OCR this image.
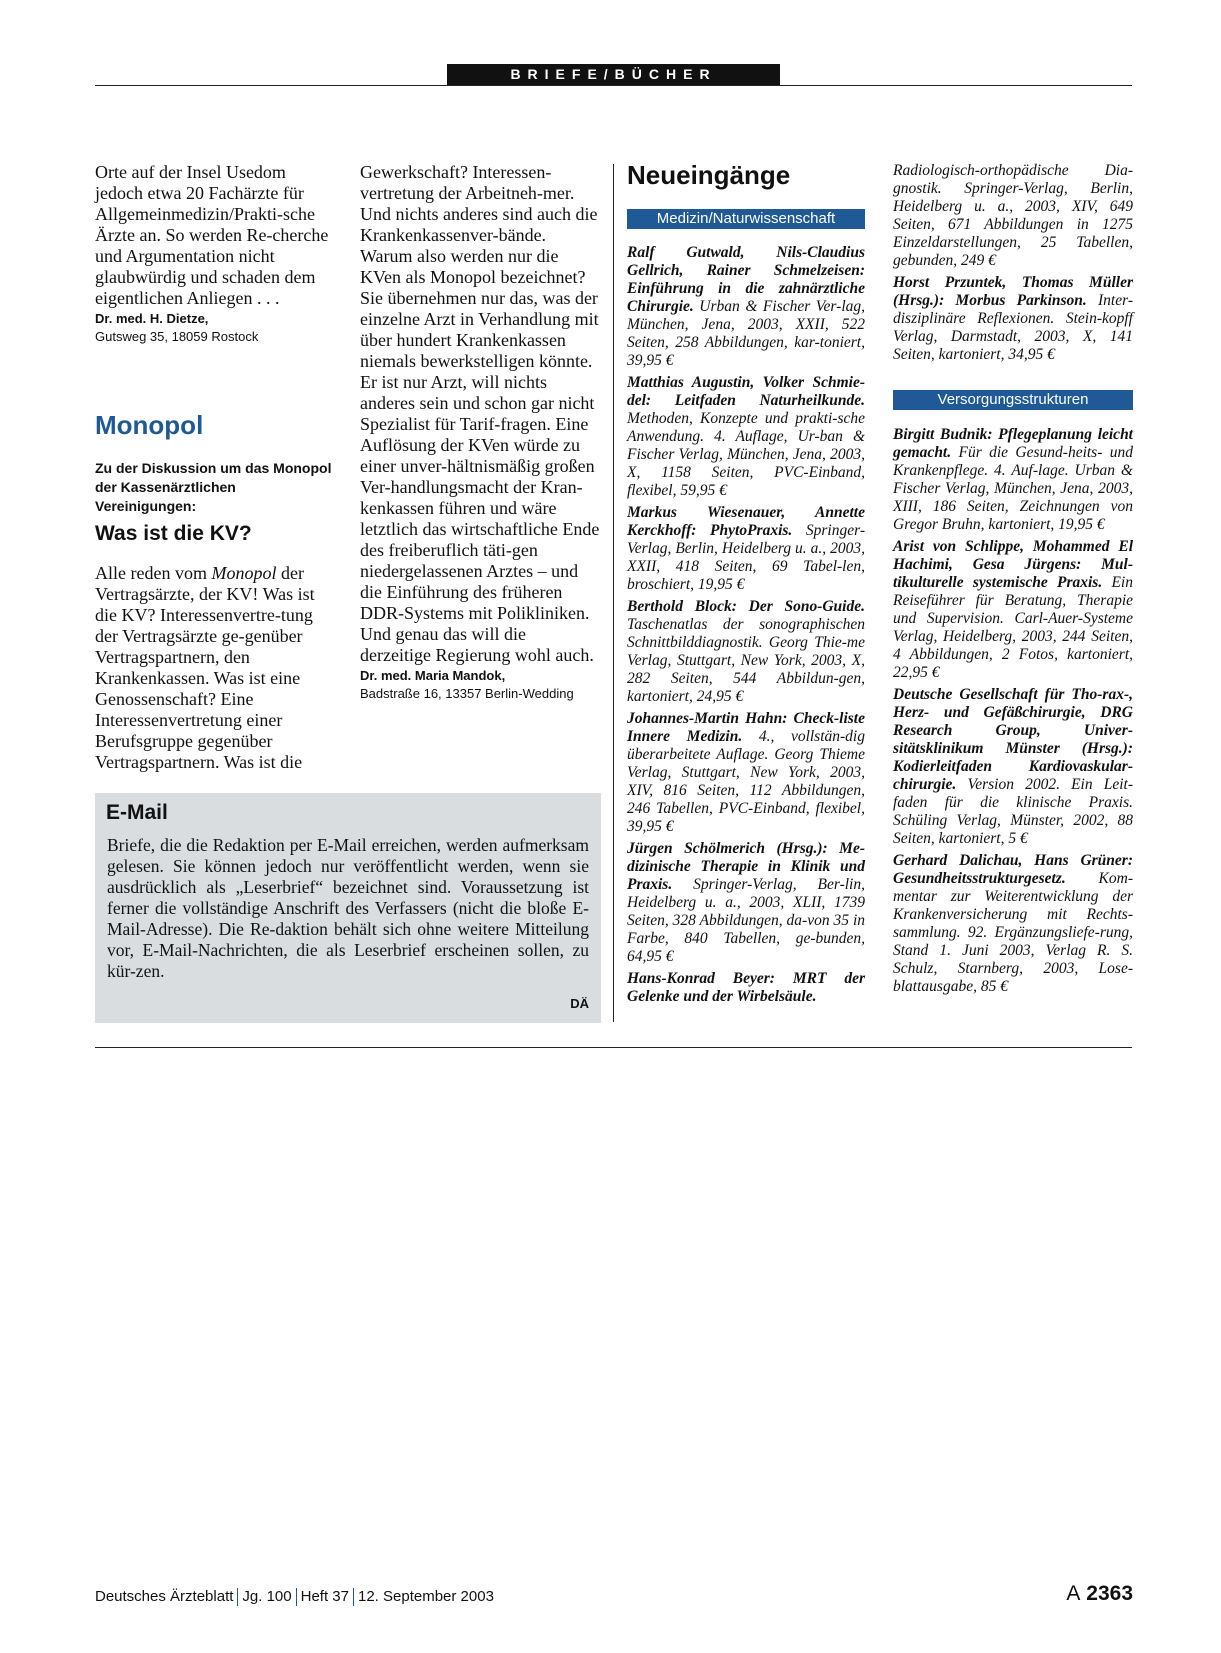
BRIEFE/BÜCHER

Orte auf der Insel Usedom jedoch etwa 20 Fachärzte für Allgemeinmedizin/Prakti-sche Ärzte an. So werden Re-cherche und Argumentation nicht glaubwürdig und schaden dem eigentlichen Anliegen . . .

Dr. med. H. Dietze,
Gutsweg 35, 18059 Rostock
Monopol
Zu der Diskussion um das Monopol der Kassenärztlichen Vereinigungen:
Was ist die KV?

Alle reden vom Monopol der Vertragsärzte, der KV! Was ist die KV? Interessenvertre-tung der Vertragsärzte ge-genüber Vertragspartnern, den Krankenkassen. Was ist eine Genossenschaft? Eine Interessenvertretung einer Berufsgruppe gegenüber Vertragspartnern. Was ist die

Gewerkschaft? Interessen-vertretung der Arbeitneh-mer. Und nichts anderes sind auch die Krankenkassenver-bände. Warum also werden nur die KVen als Monopol bezeichnet? Sie übernehmen nur das, was der einzelne Arzt in Verhandlung mit über hundert Krankenkassen niemals bewerkstelligen könnte. Er ist nur Arzt, will nichts anderes sein und schon gar nicht Spezialist für Tarif-fragen. Eine Auflösung der KVen würde zu einer unver-hältnismäßig großen Ver-handlungsmacht der Kran-kenkassen führen und wäre letztlich das wirtschaftliche Ende des freiberuflich täti-gen niedergelassenen Arztes – und die Einführung des früheren DDR-Systems mit Polikliniken. Und genau das will die derzeitige Regierung wohl auch.

Dr. med. Maria Mandok,
Badstraße 16, 13357 Berlin-Wedding
E-Mail

Briefe, die die Redaktion per E-Mail erreichen, werden aufmerksam gelesen. Sie können jedoch nur veröffentlicht werden, wenn sie ausdrücklich als „Leserbrief“ bezeichnet sind. Voraussetzung ist ferner die vollständige Anschrift des Verfassers (nicht die bloße E-Mail-Adresse). Die Re-daktion behält sich ohne weitere Mitteilung vor, E-Mail-Nachrichten, die als Leserbrief erscheinen sollen, zu kür-zen.

DÄ
Neueingänge
Medizin/Naturwissenschaft
Ralf Gutwald, Nils-Claudius Gellrich, Rainer Schmelzeisen: Einführung in die zahnärztliche Chirurgie. Urban & Fischer Ver-lag, München, Jena, 2003, XXII, 522 Seiten, 258 Abbildungen, kar-toniert, 39,95 €
Matthias Augustin, Volker Schmie-del: Leitfaden Naturheilkunde. Methoden, Konzepte und prakti-sche Anwendung. 4. Auflage, Ur-ban & Fischer Verlag, München, Jena, 2003, X, 1158 Seiten, PVC-Einband, flexibel, 59,95 €
Markus Wiesenauer, Annette Kerckhoff: PhytoPraxis. Springer-Verlag, Berlin, Heidelberg u. a., 2003, XXII, 418 Seiten, 69 Tabel-len, broschiert, 19,95 €
Berthold Block: Der Sono-Guide. Taschenatlas der sonographischen Schnittbilddiagnostik. Georg Thie-me Verlag, Stuttgart, New York, 2003, X, 282 Seiten, 544 Abbildun-gen, kartoniert, 24,95 €
Johannes-Martin Hahn: Check-liste Innere Medizin. 4., vollstän-dig überarbeitete Auflage. Georg Thieme Verlag, Stuttgart, New York, 2003, XIV, 816 Seiten, 112 Abbildungen, 246 Tabellen, PVC-Einband, flexibel, 39,95 €
Jürgen Schölmerich (Hrsg.): Me-dizinische Therapie in Klinik und Praxis. Springer-Verlag, Ber-lin, Heidelberg u. a., 2003, XLII, 1739 Seiten, 328 Abbildungen, da-von 35 in Farbe, 840 Tabellen, ge-bunden, 64,95 €
Hans-Konrad Beyer: MRT der Gelenke und der Wirbelsäule.
Radiologisch-orthopädische Dia-gnostik. Springer-Verlag, Berlin, Heidelberg u. a., 2003, XIV, 649 Seiten, 671 Abbildungen in 1275 Einzeldarstellungen, 25 Tabellen, gebunden, 249 €
Horst Przuntek, Thomas Müller (Hrsg.): Morbus Parkinson. Inter-disziplinäre Reflexionen. Stein-kopff Verlag, Darmstadt, 2003, X, 141 Seiten, kartoniert, 34,95 €
Versorgungsstrukturen
Birgitt Budnik: Pflegeplanung leicht gemacht. Für die Gesund-heits- und Krankenpflege. 4. Auf-lage. Urban & Fischer Verlag, München, Jena, 2003, XIII, 186 Seiten, Zeichnungen von Gregor Bruhn, kartoniert, 19,95 €
Arist von Schlippe, Mohammed El Hachimi, Gesa Jürgens: Mul-tikulturelle systemische Praxis. Ein Reiseführer für Beratung, Therapie und Supervision. Carl-Auer-Systeme Verlag, Heidelberg, 2003, 244 Seiten, 4 Abbildungen, 2 Fotos, kartoniert, 22,95 €
Deutsche Gesellschaft für Tho-rax-, Herz- und Gefäßchirurgie, DRG Research Group, Univer-sitätsklinikum Münster (Hrsg.): Kodierleitfaden Kardiovaskular-chirurgie. Version 2002. Ein Leit-faden für die klinische Praxis. Schüling Verlag, Münster, 2002, 88 Seiten, kartoniert, 5 €
Gerhard Dalichau, Hans Grüner: Gesundheitsstrukturgesetz. Kom-mentar zur Weiterentwicklung der Krankenversicherung mit Rechts-sammlung. 92. Ergänzungsliefe-rung, Stand 1. Juni 2003, Verlag R. S. Schulz, Starnberg, 2003, Lose-blattausgabe, 85 €
Deutsches Ärzteblatt Jg. 100 Heft 37 12. September 2003	A 2363
